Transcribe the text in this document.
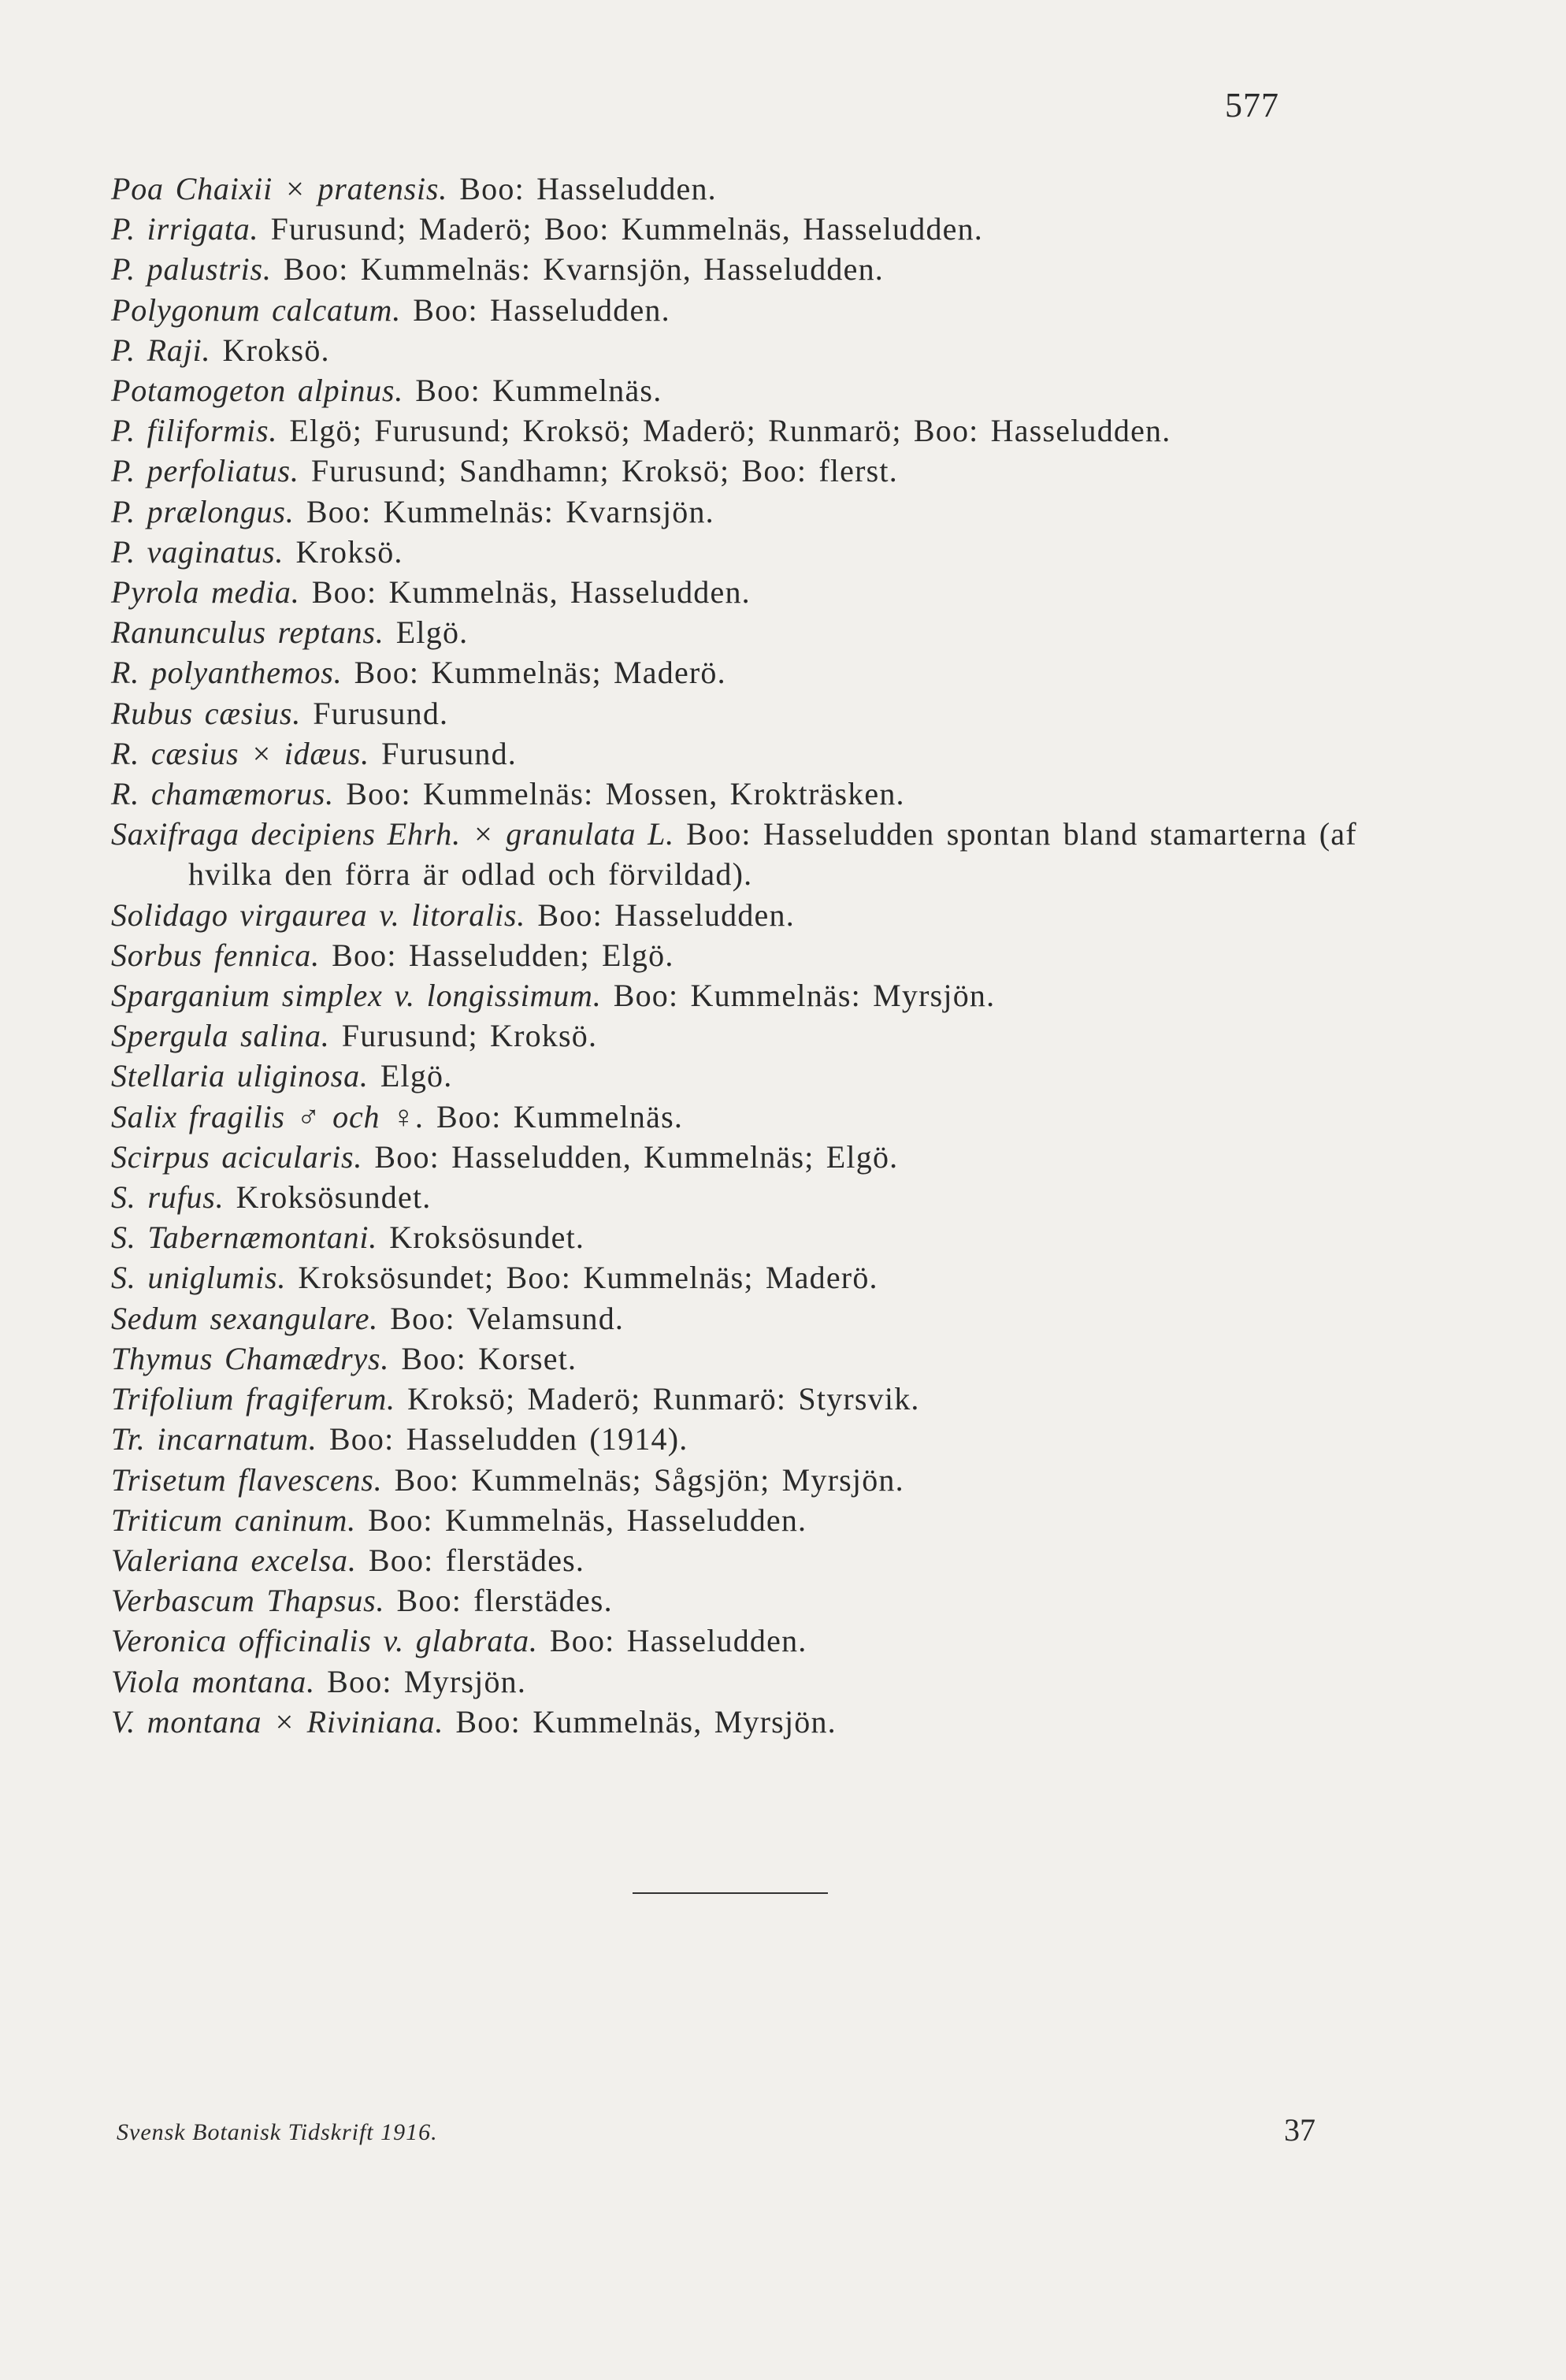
577
Poa Chaixii × pratensis. Boo: Hasseludden.
P. irrigata. Furusund; Maderö; Boo: Kummelnäs, Hasseludden.
P. palustris. Boo: Kummelnäs: Kvarnsjön, Hasseludden.
Polygonum calcatum. Boo: Hasseludden.
P. Raji. Kroksö.
Potamogeton alpinus. Boo: Kummelnäs.
P. filiformis. Elgö; Furusund; Kroksö; Maderö; Runmarö; Boo: Hasseludden.
P. perfoliatus. Furusund; Sandhamn; Kroksö; Boo: flerst.
P. prælongus. Boo: Kummelnäs: Kvarnsjön.
P. vaginatus. Kroksö.
Pyrola media. Boo: Kummelnäs, Hasseludden.
Ranunculus reptans. Elgö.
R. polyanthemos. Boo: Kummelnäs; Maderö.
Rubus cæsius. Furusund.
R. cæsius × idæus. Furusund.
R. chamæmorus. Boo: Kummelnäs: Mossen, Krokträsken.
Saxifraga decipiens Ehrh. × granulata L. Boo: Hasseludden spontan bland stamarterna (af hvilka den förra är odlad och förvildad).
Solidago virgaurea v. litoralis. Boo: Hasseludden.
Sorbus fennica. Boo: Hasseludden; Elgö.
Sparganium simplex v. longissimum. Boo: Kummelnäs: Myrsjön.
Spergula salina. Furusund; Kroksö.
Stellaria uliginosa. Elgö.
Salix fragilis ♂ och ♀. Boo: Kummelnäs.
Scirpus acicularis. Boo: Hasseludden, Kummelnäs; Elgö.
S. rufus. Kroksösundet.
S. Tabernæmontani. Kroksösundet.
S. uniglumis. Kroksösundet; Boo: Kummelnäs; Maderö.
Sedum sexangulare. Boo: Velamsund.
Thymus Chamædrys. Boo: Korset.
Trifolium fragiferum. Kroksö; Maderö; Runmarö: Styrsvik.
Tr. incarnatum. Boo: Hasseludden (1914).
Trisetum flavescens. Boo: Kummelnäs; Sågsjön; Myrsjön.
Triticum caninum. Boo: Kummelnäs, Hasseludden.
Valeriana excelsa. Boo: flerstädes.
Verbascum Thapsus. Boo: flerstädes.
Veronica officinalis v. glabrata. Boo: Hasseludden.
Viola montana. Boo: Myrsjön.
V. montana × Riviniana. Boo: Kummelnäs, Myrsjön.
Svensk Botanisk Tidskrift 1916.	37
